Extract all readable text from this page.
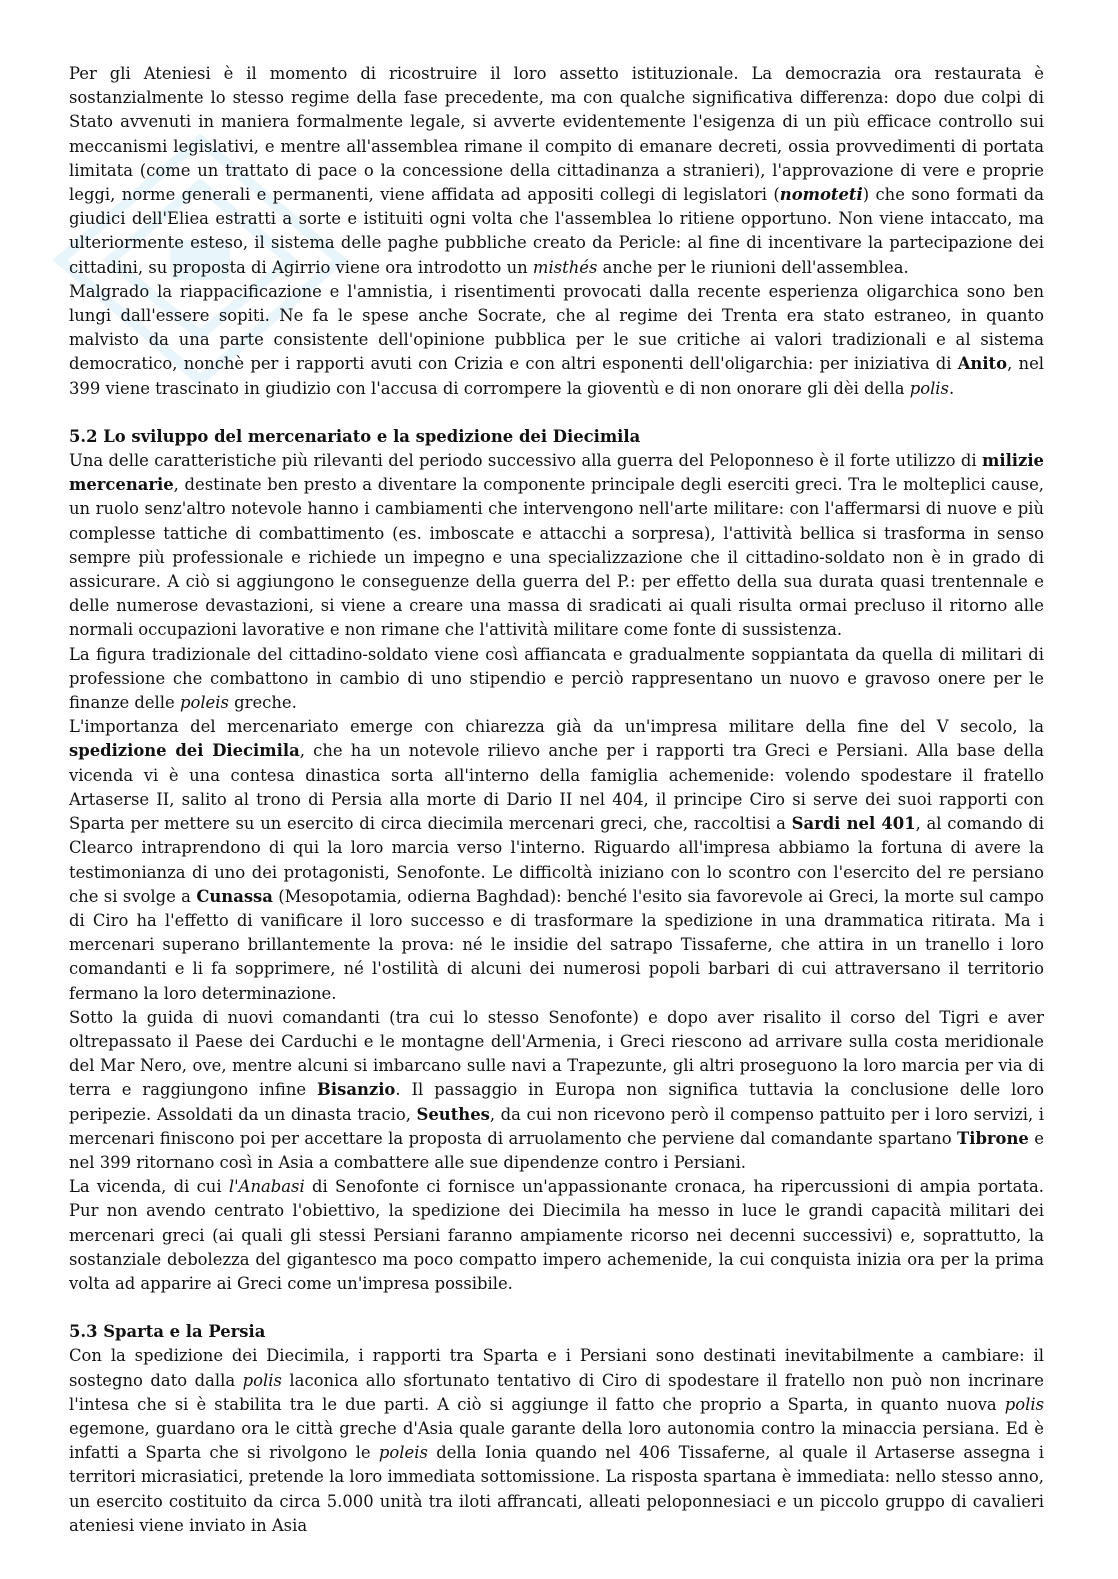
Per gli Ateniesi è il momento di ricostruire il loro assetto istituzionale. La democrazia ora restaurata è sostanzialmente lo stesso regime della fase precedente, ma con qualche significativa differenza: dopo due colpi di Stato avvenuti in maniera formalmente legale, si avverte evidentemente l'esigenza di un più efficace controllo sui meccanismi legislativi, e mentre all'assemblea rimane il compito di emanare decreti, ossia provvedimenti di portata limitata (come un trattato di pace o la concessione della cittadinanza a stranieri), l'approvazione di vere e proprie leggi, norme generali e permanenti, viene affidata ad appositi collegi di legislatori (nomoteti) che sono formati da giudici dell'Eliea estratti a sorte e istituiti ogni volta che l'assemblea lo ritiene opportuno. Non viene intaccato, ma ulteriormente esteso, il sistema delle paghe pubbliche creato da Pericle: al fine di incentivare la partecipazione dei cittadini, su proposta di Agirrio viene ora introdotto un misthés anche per le riunioni dell'assemblea.

Malgrado la riappacificazione e l'amnistia, i risentimenti provocati dalla recente esperienza oligarchica sono ben lungi dall'essere sopiti. Ne fa le spese anche Socrate, che al regime dei Trenta era stato estraneo, in quanto malvisto da una parte consistente dell'opinione pubblica per le sue critiche ai valori tradizionali e al sistema democratico, nonchè per i rapporti avuti con Crizia e con altri esponenti dell'oligarchia: per iniziativa di Anito, nel 399 viene trascinato in giudizio con l'accusa di corrompere la gioventù e di non onorare gli dèi della polis.

5.2 Lo sviluppo del mercenariato e la spedizione dei Diecimila

Una delle caratteristiche più rilevanti del periodo successivo alla guerra del Peloponneso è il forte utilizzo di milizie mercenarie, destinate ben presto a diventare la componente principale degli eserciti greci. Tra le molteplici cause, un ruolo senz'altro notevole hanno i cambiamenti che intervengono nell'arte militare: con l'affermarsi di nuove e più complesse tattiche di combattimento (es. imboscate e attacchi a sorpresa), l'attività bellica si trasforma in senso sempre più professionale e richiede un impegno e una specializzazione che il cittadino-soldato non è in grado di assicurare. A ciò si aggiungono le conseguenze della guerra del P.: per effetto della sua durata quasi trentennale e delle numerose devastazioni, si viene a creare una massa di sradicati ai quali risulta ormai precluso il ritorno alle normali occupazioni lavorative e non rimane che l'attività militare come fonte di sussistenza.

La figura tradizionale del cittadino-soldato viene così affiancata e gradualmente soppiantata da quella di militari di professione che combattono in cambio di uno stipendio e perciò rappresentano un nuovo e gravoso onere per le finanze delle poleis greche.

L'importanza del mercenariato emerge con chiarezza già da un'impresa militare della fine del V secolo, la spedizione dei Diecimila, che ha un notevole rilievo anche per i rapporti tra Greci e Persiani. Alla base della vicenda vi è una contesa dinastica sorta all'interno della famiglia achemenide: volendo spodestare il fratello Artaserse II, salito al trono di Persia alla morte di Dario II nel 404, il principe Ciro si serve dei suoi rapporti con Sparta per mettere su un esercito di circa diecimila mercenari greci, che, raccoltisi a Sardi nel 401, al comando di Clearco intraprendono di qui la loro marcia verso l'interno. Riguardo all'impresa abbiamo la fortuna di avere la testimonianza di uno dei protagonisti, Senofonte. Le difficoltà iniziano con lo scontro con l'esercito del re persiano che si svolge a Cunassa (Mesopotamia, odierna Baghdad): benché l'esito sia favorevole ai Greci, la morte sul campo di Ciro ha l'effetto di vanificare il loro successo e di trasformare la spedizione in una drammatica ritirata. Ma i mercenari superano brillantemente la prova: né le insidie del satrapo Tissaferne, che attira in un tranello i loro comandanti e li fa sopprimere, né l'ostilità di alcuni dei numerosi popoli barbari di cui attraversano il territorio fermano la loro determinazione.

Sotto la guida di nuovi comandanti (tra cui lo stesso Senofonte) e dopo aver risalito il corso del Tigri e aver oltrepassato il Paese dei Carduchi e le montagne dell'Armenia, i Greci riescono ad arrivare sulla costa meridionale del Mar Nero, ove, mentre alcuni si imbarcano sulle navi a Trapezunte, gli altri proseguono la loro marcia per via di terra e raggiungono infine Bisanzio. Il passaggio in Europa non significa tuttavia la conclusione delle loro peripezie. Assoldati da un dinasta tracio, Seuthes, da cui non ricevono però il compenso pattuito per i loro servizi, i mercenari finiscono poi per accettare la proposta di arruolamento che perviene dal comandante spartano Tibrone e nel 399 ritornano così in Asia a combattere alle sue dipendenze contro i Persiani.

La vicenda, di cui l'Anabasi di Senofonte ci fornisce un'appassionante cronaca, ha ripercussioni di ampia portata. Pur non avendo centrato l'obiettivo, la spedizione dei Diecimila ha messo in luce le grandi capacità militari dei mercenari greci (ai quali gli stessi Persiani faranno ampiamente ricorso nei decenni successivi) e, soprattutto, la sostanziale debolezza del gigantesco ma poco compatto impero achemenide, la cui conquista inizia ora per la prima volta ad apparire ai Greci come un'impresa possibile.

5.3 Sparta e la Persia

Con la spedizione dei Diecimila, i rapporti tra Sparta e i Persiani sono destinati inevitabilmente a cambiare: il sostegno dato dalla polis laconica allo sfortunato tentativo di Ciro di spodestare il fratello non può non incrinare l'intesa che si è stabilita tra le due parti. A ciò si aggiunge il fatto che proprio a Sparta, in quanto nuova polis egemone, guardano ora le città greche d'Asia quale garante della loro autonomia contro la minaccia persiana. Ed è infatti a Sparta che si rivolgono le poleis della Ionia quando nel 406 Tissaferne, al quale il Artaserse assegna i territori micrasiatici, pretende la loro immediata sottomissione. La risposta spartana è immediata: nello stesso anno, un esercito costituito da circa 5.000 unità tra iloti affrancati, alleati peloponnesiaci e un piccolo gruppo di cavalieri ateniesi viene inviato in Asia
